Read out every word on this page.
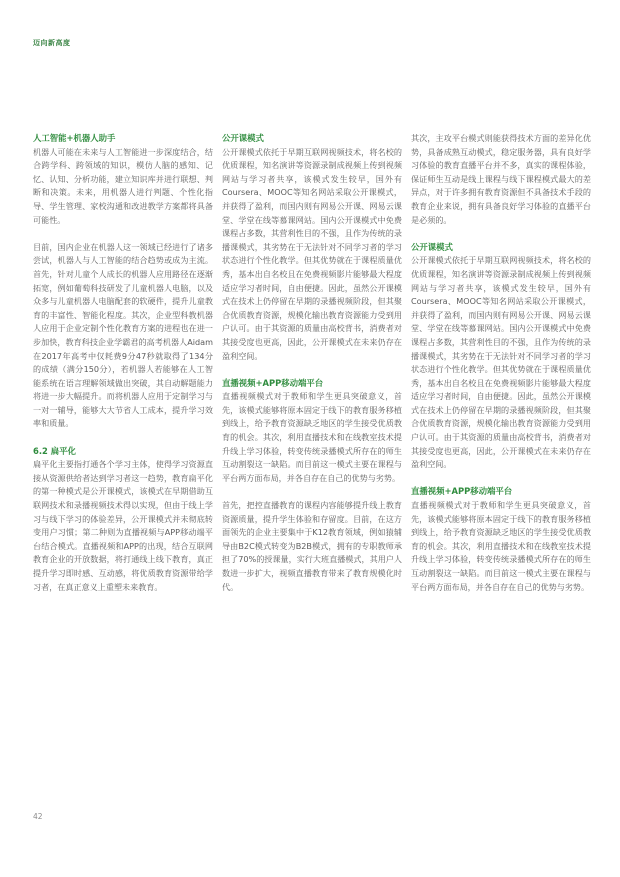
迈向新高度
人工智能+机器人助手

机器人可能在未来与人工智能进一步深度结合，结合跨学科、跨领域的知识，模仿人脑的感知、记忆、认知、分析功能，建立知识库并进行联想、判断和决策。未来，用机器人进行判题、个性化指导、学生管理、家校沟通和改进教学方案都将具备可能性。

目前，国内企业在机器人这一领域已经进行了诸多尝试，机器人与人工智能的结合趋势或成为主流。首先，针对儿童个人成长的机器人应用路径在逐渐拓宽，例如葡萄科技研发了儿童机器人电脑，以及众多与儿童机器人电脑配套的软硬件，提升儿童教育的丰富性、智能化程度。其次，企业型科教机器人应用于企业定制个性化教育方案的进程也在进一步加快，教育科技企业学霸君的高考机器人Aidam在2017年高考中仅耗费9分47秒就取得了134分的成绩（满分150分），若机器人若能够在人工智能系统在语言理解领域做出突破，其自动解题能力将进一步大幅提升。而将机器人应用于定制学习与一对一辅导，能够大大节省人工成本，提升学习效率和质量。

6.2 扁平化

扁平化主要指打通各个学习主体，使得学习资源直接从资源供给者达到学习者这一趋势，教育扁平化的第一种模式是公开课模式，该模式在早期借助互联网技术和录播视频技术得以实现，但由于线上学习与线下学习的体验差异，公开课模式并未彻底转变用户习惯；第二种则为直播视频与APP移动端平台结合模式。直播视频和APP的出现，结合互联网教育企业的开放数据，将打通线上线下教育，真正提升学习即时感、互动感，将优质教育资源带给学习者，在真正意义上重塑未来教育。

公开课模式

公开课模式依托于早期互联网视频技术，将名校的优质课程，知名演讲等资源录制成视频上传到视频网站与学习者共享，该模式发生较早，国外有Coursera、MOOC等知名网站采取公开课模式，并获得了盈利，而国内则有网易公开课、网易云课堂、学堂在线等慕课网站。国内公开课模式中免费课程占多数，其营利性目的不强，且作为传统的录播课模式，其劣势在于无法针对不同学习者的学习状态进行个性化教学。但其优势就在于课程质量优秀，基本出自名校且在免费视频影片能够最大程度适应学习者时间，自由便捷。因此，虽然公开课模式在技术上仍停留在早期的录播视频阶段，但其聚合优质教育资源，规模化输出教育资源能力受到用户认可。由于其资源的质量由高校背书，消费者对其接受度也更高，因此，公开课模式在未来仍存在盈利空间。

直播视频+APP移动端平台

直播视频模式对于教师和学生更具突破意义，首先，该模式能够将原本固定于线下的教育服务移植到线上，给予教育资源缺乏地区的学生接受优质教育的机会。其次，利用直播技术和在线教室技术提升线上学习体验，转变传统录播模式所存在的师生互动割裂这一缺陷。而目前这一模式主要在课程与平台两方面布局，并各自存在自己的优势与劣势。

首先，把控直播教育的课程内容能够提升线上教育资源质量，提升学生体验和存留度。目前，在这方面领先的企业主要集中于K12教育领域，例如猿辅导由B2C模式转变为B2B模式，拥有的专职教师承担了70%的授课量，实行大班直播模式，其用户人数进一步扩大，视频直播教育带来了教育规模化时代。

其次，主攻平台模式则能获得技术方面的差异化优势，具备成熟互动模式，稳定服务器，具有良好学习体验的教育直播平台并不多，真实的课程体验，保证师生互动是线上课程与线下课程模式最大的差异点，对于许多拥有教育资源但不具备技术手段的教育企业来说，拥有具备良好学习体验的直播平台是必须的。

公开课模式

公开课模式依托于早期互联网视频技术，将名校的优质课程，知名演讲等资源录制成视频上传到视频网站与学习者共享，该模式发生较早，国外有Coursera、MOOC等知名网站采取公开课模式，并获得了盈利，而国内则有网易公开课、网易云课堂、学堂在线等慕课网站。国内公开课模式中免费课程占多数，其营利性目的不强，且作为传统的录播课模式，其劣势在于无法针对不同学习者的学习状态进行个性化教学。但其优势就在于课程质量优秀，基本出自名校且在免费视频影片能够最大程度适应学习者时间，自由便捷。因此，虽然公开课模式在技术上仍停留在早期的录播视频阶段，但其聚合优质教育资源，规模化输出教育资源能力受到用户认可。由于其资源的质量由高校背书，消费者对其接受度也更高，因此，公开课模式在未来仍存在盈利空间。

直播视频+APP移动端平台

直播视频模式对于教师和学生更具突破意义，首先，该模式能够将原本固定于线下的教育服务移植到线上，给予教育资源缺乏地区的学生接受优质教育的机会。其次，利用直播技术和在线教室技术提升线上学习体验，转变传统录播模式所存在的师生互动割裂这一缺陷。而目前这一模式主要在课程与平台两方面布局，并各自存在自己的优势与劣势。

42
